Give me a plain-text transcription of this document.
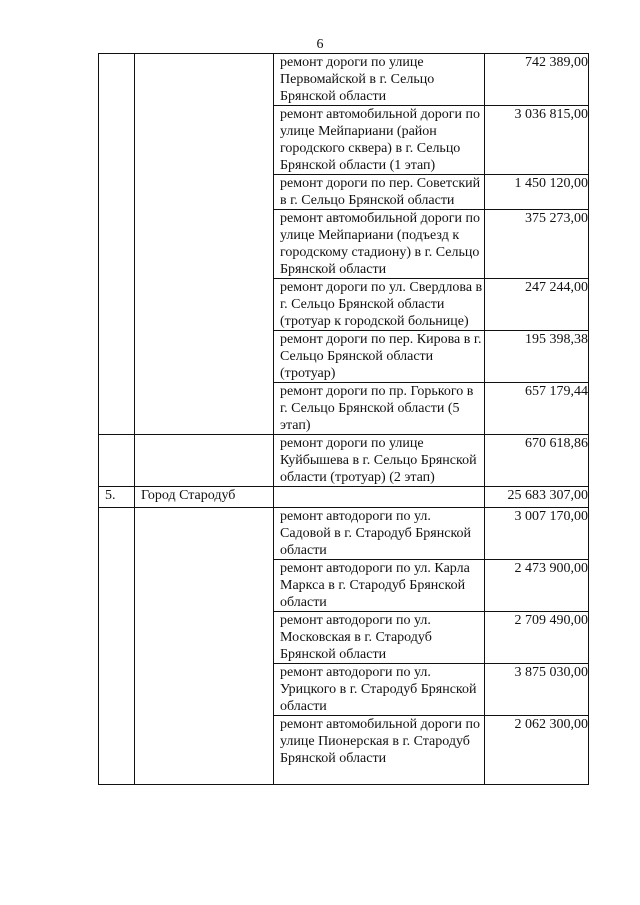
6
		ремонт дороги по улице Первомайской в г. Сельцо Брянской области	742 389,00
		ремонт автомобильной дороги по улице Мейпариани (район городского сквера) в г. Сельцо Брянской области (1 этап)	3 036 815,00
		ремонт дороги по пер. Советский в г. Сельцо Брянской области	1 450 120,00
		ремонт автомобильной дороги по улице Мейпариани (подъезд к городскому стадиону) в г. Сельцо Брянской области	375 273,00
		ремонт дороги по ул. Свердлова в г. Сельцо Брянской области (тротуар к городской больнице)	247 244,00
		ремонт дороги по пер. Кирова в г. Сельцо Брянской области (тротуар)	195 398,38
		ремонт дороги по пр. Горького в г. Сельцо Брянской области (5 этап)	657 179,44
		ремонт дороги по улице Куйбышева в г. Сельцо Брянской области (тротуар) (2 этап)	670 618,86
5.	Город Стародуб		25 683 307,00
		ремонт автодороги по ул. Садовой в г. Стародуб Брянской области	3 007 170,00
		ремонт автодороги по ул. Карла Маркса в г. Стародуб Брянской области	2 473 900,00
		ремонт автодороги по ул. Московская в г. Стародуб Брянской области	2 709 490,00
		ремонт автодороги по ул. Урицкого в г. Стародуб Брянской области	3 875 030,00
		ремонт автомобильной дороги по улице Пионерская в г. Стародуб Брянской области	2 062 300,00
